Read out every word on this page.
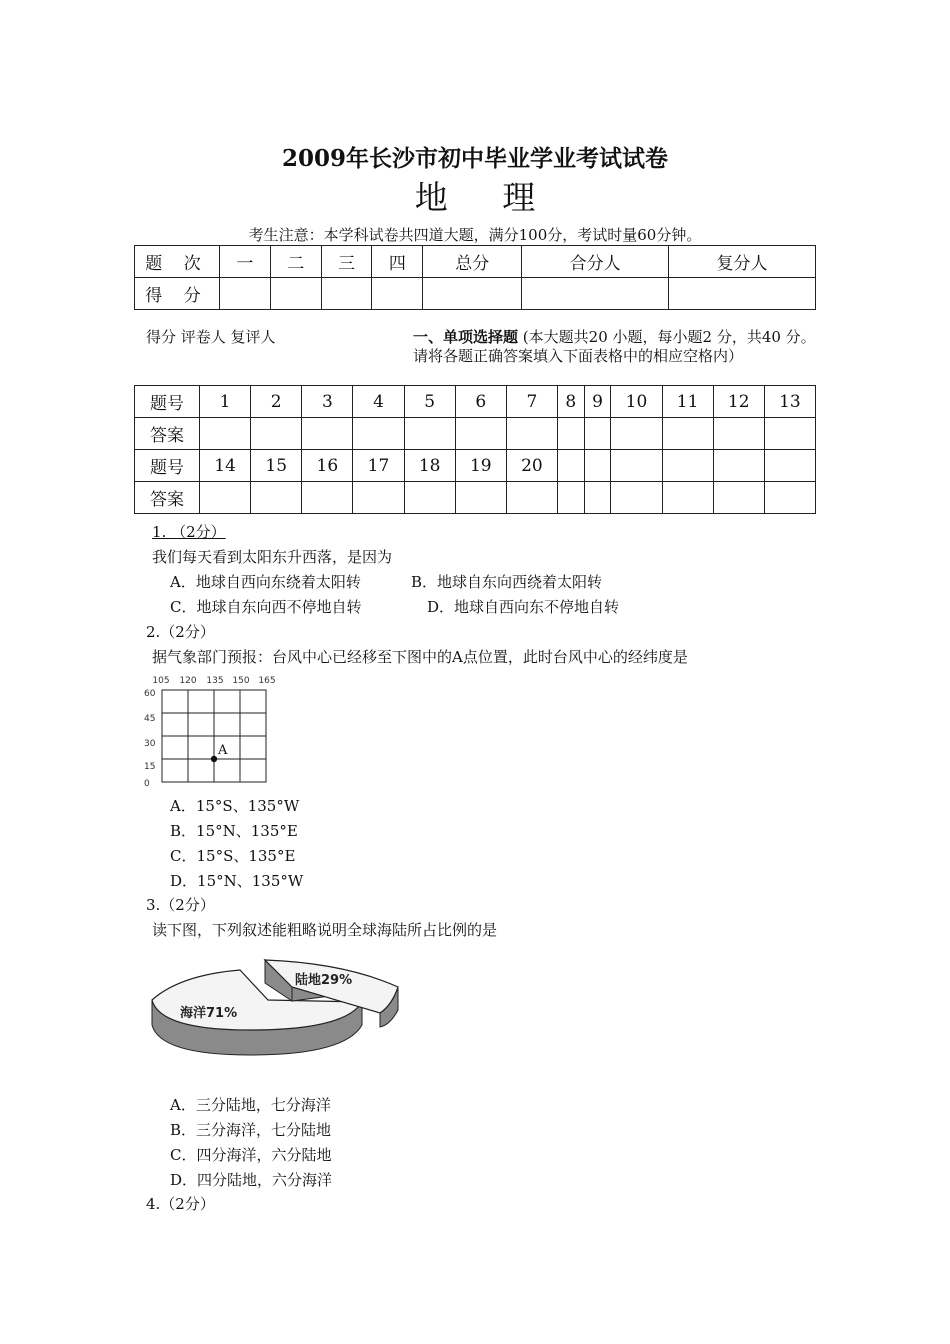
2009年长沙市初中毕业学业考试试卷
地 理
考生注意：本学科试卷共四道大题，满分100分，考试时量60分钟。
题 次	一	二	三	四	总分	合分人	复分人
得 分							
得分 评卷人 复评人	一、单项选择题 (本大题共20 小题，每小题2 分，共40 分。
请将各题正确答案填入下面表格中的相应空格内）
题号	1	2	3	4	5	6	7	8	9	10	11	12	13
答案													
题号	14	15	16	17	18	19	20						
答案													
1. （2分）
我们每天看到太阳东升西落，是因为
A．地球自西向东绕着太阳转	B．地球自东向西绕着太阳转
C．地球自东向西不停地自转	D．地球自西向东不停地自转
2.（2分）
据气象部门预报：台风中心已经移至下图中的A点位置，此时台风中心的经纬度是
105 120 135 150 165
60
45
30
15
0
A
A．15°S、135°W
B．15°N、135°E
C．15°S、135°E
D．15°N、135°W
3.（2分）
读下图，下列叙述能粗略说明全球海陆所占比例的是
海洋71%
陆地29%
A．三分陆地，七分海洋
B．三分海洋，七分陆地
C．四分海洋，六分陆地
D．四分陆地，六分海洋
4.（2分）
